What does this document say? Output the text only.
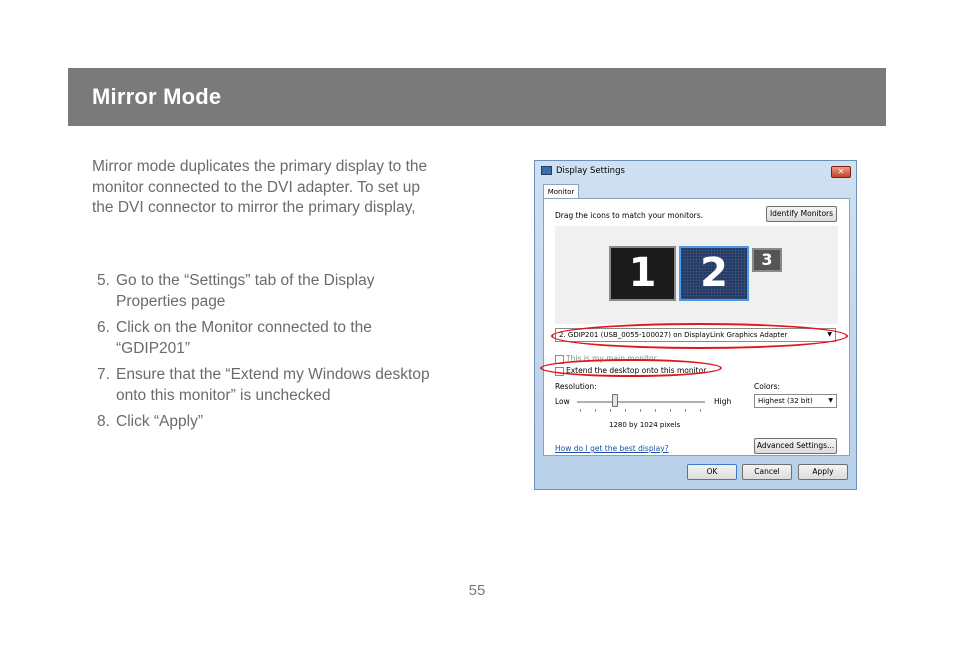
Mirror Mode

Mirror mode duplicates the primary display to the monitor connected to the DVI adapter. To set up the DVI connector to mirror the primary display,

5. Go to the “Settings” tab of the Display Properties page
6. Click on the Monitor connected to the “GDIP201”
7. Ensure that the “Extend my Windows desktop onto this monitor” is unchecked
8. Click “Apply”
Display Settings	✕
Monitor
Drag the icons to match your monitors.	Identify Monitors
1	2	3
2. GDIP201 (USB_0055-100027) on DisplayLink Graphics Adapter	▼
This is my main monitor
Extend the desktop onto this monitor
Resolution:	Colors:
Low	High
1280 by 1024 pixels
Highest (32 bit)	▼
How do I get the best display?	Advanced Settings...
OK	Cancel	Apply
55
